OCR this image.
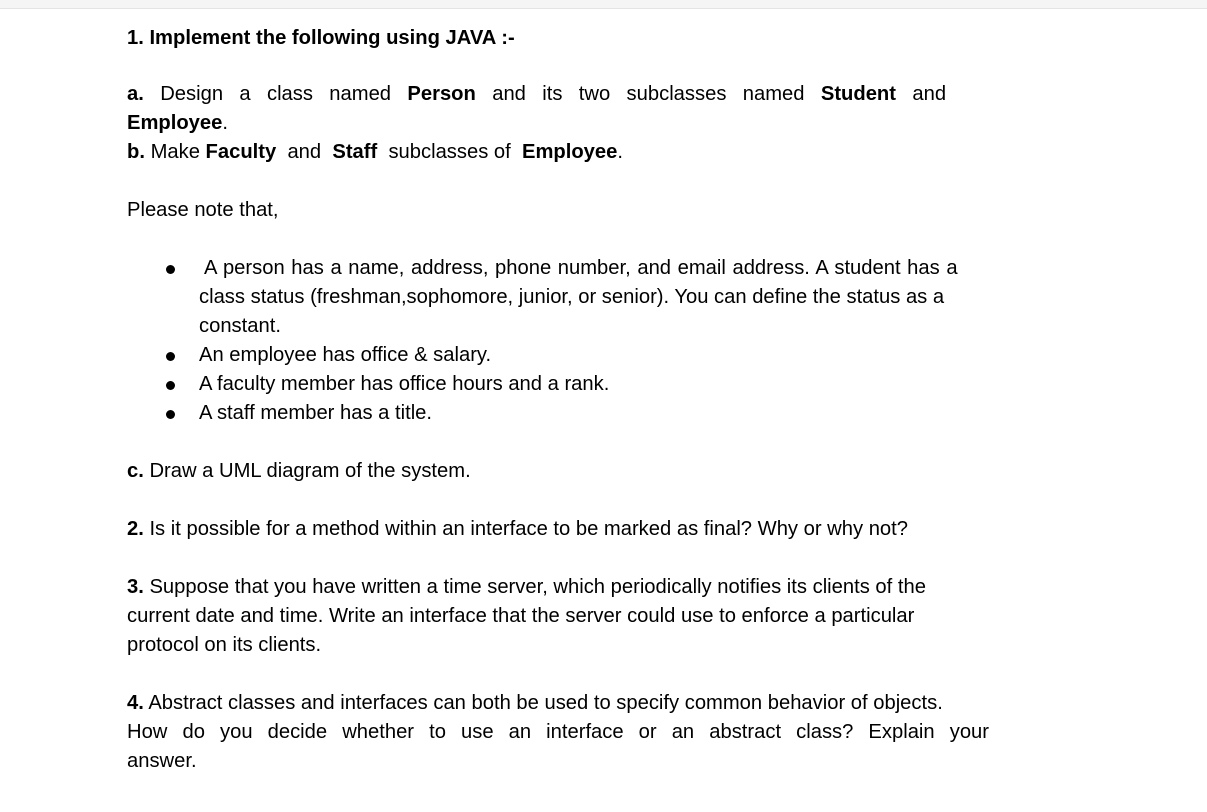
1. Implement the following using JAVA :-
a. Design a class named Person and its two subclasses named Student and
Employee.
b. Make Faculty and Staff subclasses of Employee.
Please note that,
A person has a name, address, phone number, and email address. A student has a
class status (freshman,sophomore, junior, or senior). You can define the status as a
constant.
An employee has office & salary.
A faculty member has office hours and a rank.
A staff member has a title.
c. Draw a UML diagram of the system.
2. Is it possible for a method within an interface to be marked as final? Why or why not?
3. Suppose that you have written a time server, which periodically notifies its clients of the
current date and time. Write an interface that the server could use to enforce a particular
protocol on its clients.
4. Abstract classes and interfaces can both be used to specify common behavior of objects.
How do you decide whether to use an interface or an abstract class? Explain your
answer.
